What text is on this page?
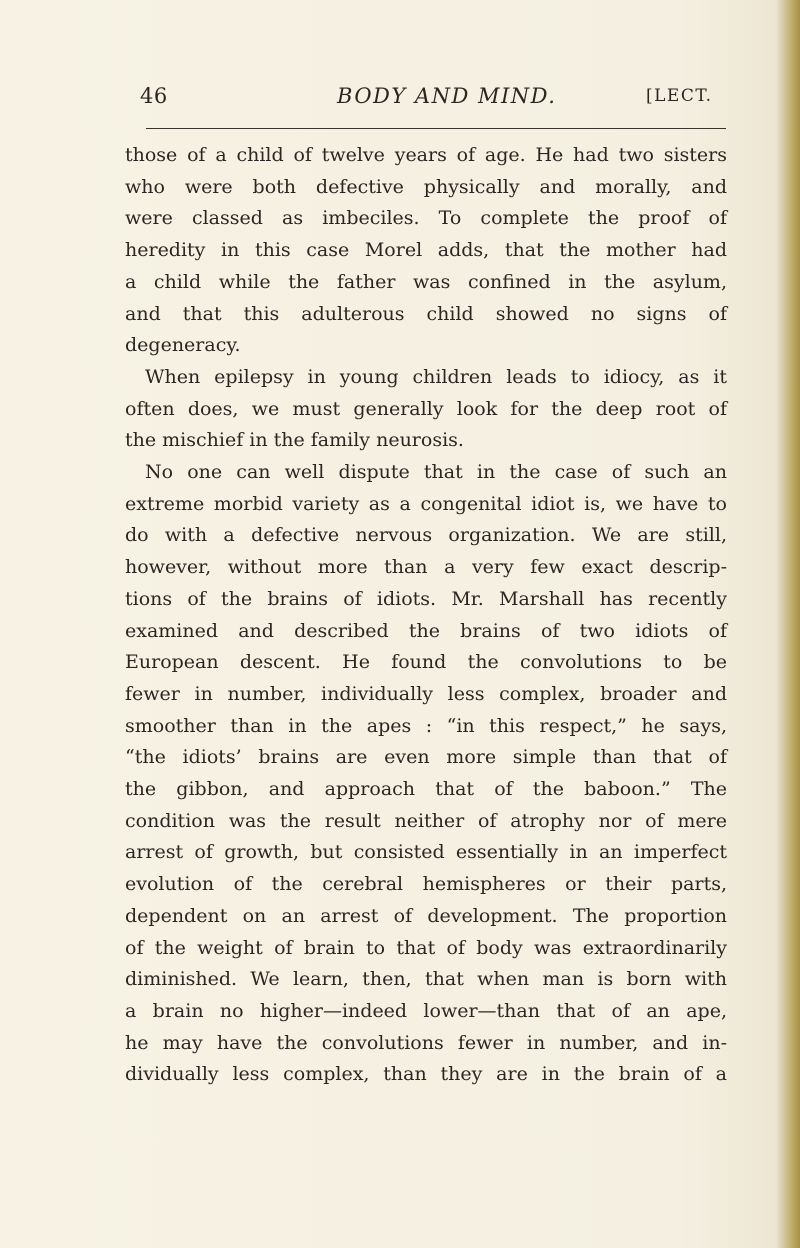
46	BODY AND MIND.	[LECT.
those of a child of twelve years of age. He had two sisters
who were both defective physically and morally, and
were classed as imbeciles. To complete the proof of
heredity in this case Morel adds, that the mother had
a child while the father was confined in the asylum,
and that this adulterous child showed no signs of
degeneracy.
When epilepsy in young children leads to idiocy, as it
often does, we must generally look for the deep root of
the mischief in the family neurosis.
No one can well dispute that in the case of such an
extreme morbid variety as a congenital idiot is, we have to
do with a defective nervous organization. We are still,
however, without more than a very few exact descrip-
tions of the brains of idiots. Mr. Marshall has recently
examined and described the brains of two idiots of
European descent. He found the convolutions to be
fewer in number, individually less complex, broader and
smoother than in the apes : “in this respect,” he says,
“the idiots’ brains are even more simple than that of
the gibbon, and approach that of the baboon.” The
condition was the result neither of atrophy nor of mere
arrest of growth, but consisted essentially in an imperfect
evolution of the cerebral hemispheres or their parts,
dependent on an arrest of development. The proportion
of the weight of brain to that of body was extraordinarily
diminished. We learn, then, that when man is born with
a brain no higher—indeed lower—than that of an ape,
he may have the convolutions fewer in number, and in-
dividually less complex, than they are in the brain of a
